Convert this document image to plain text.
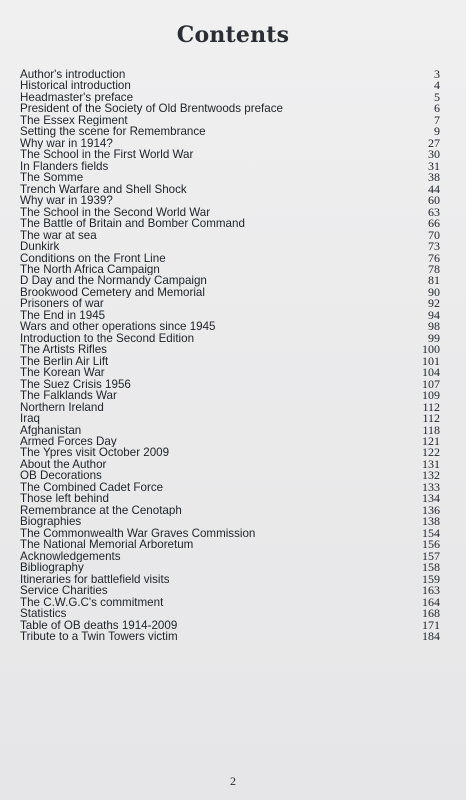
Contents
Author's introduction	3
Historical introduction	4
Headmaster's preface	5
President of the Society of Old Brentwoods preface	6
The Essex Regiment	7
Setting the scene for Remembrance	9
Why war in 1914?	27
The School in the First World War	30
In Flanders fields	31
The Somme	38
Trench Warfare and Shell Shock	44
Why war in 1939?	60
The School in the Second World War	63
The Battle of Britain and Bomber Command	66
The war at sea	70
Dunkirk	73
Conditions on the Front Line	76
The North Africa Campaign	78
D Day and the Normandy Campaign	81
Brookwood Cemetery and Memorial	90
Prisoners of war	92
The End in 1945	94
Wars and other operations since 1945	98
Introduction to the Second Edition	99
The Artists Rifles	100
The Berlin Air Lift	101
The Korean War	104
The Suez Crisis 1956	107
The Falklands War	109
Northern Ireland	112
Iraq	112
Afghanistan	118
Armed Forces Day	121
The Ypres visit October 2009	122
About the Author	131
OB Decorations	132
The Combined Cadet Force	133
Those left behind	134
Remembrance at the Cenotaph	136
Biographies	138
The Commonwealth War Graves Commission	154
The National Memorial Arboretum	156
Acknowledgements	157
Bibliography	158
Itineraries for battlefield visits	159
Service Charities	163
The C.W.G.C's commitment	164
Statistics	168
Table of OB deaths 1914-2009	171
Tribute to a Twin Towers victim	184
2
